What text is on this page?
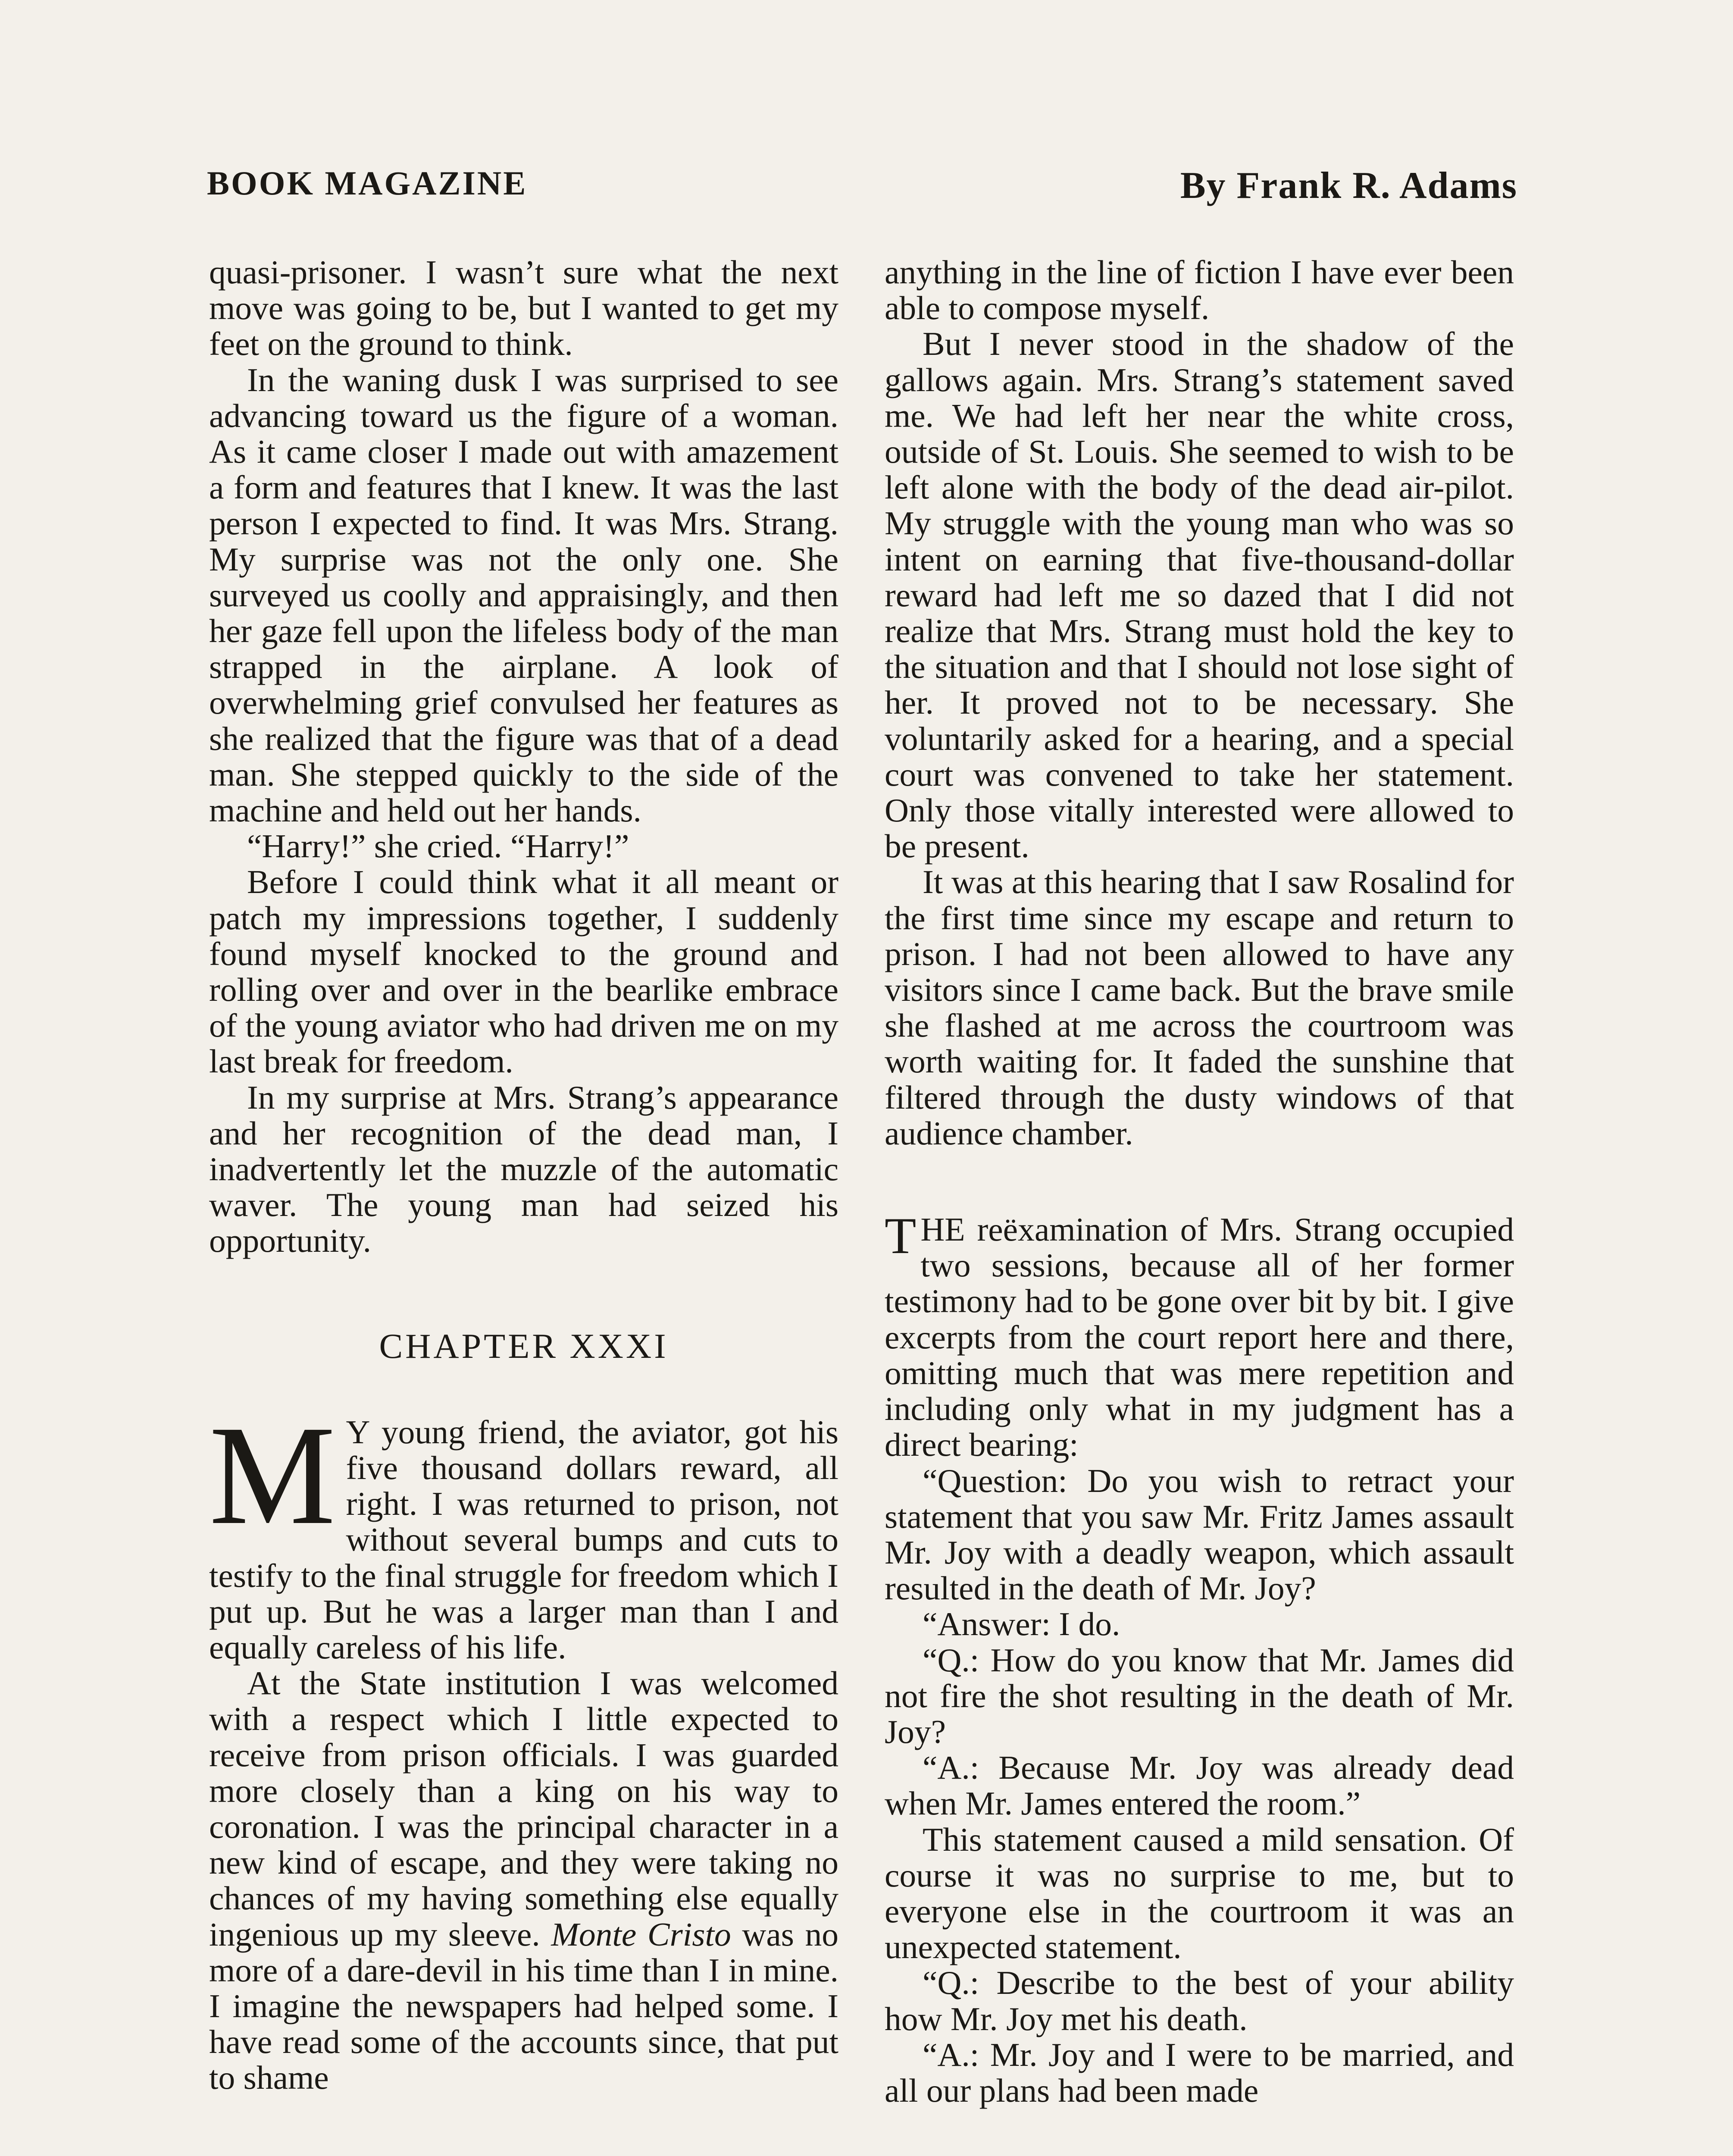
BOOK MAGAZINE	By Frank R. Adams

quasi-prisoner. I wasn’t sure what the next move was going to be, but I wanted to get my feet on the ground to think.

In the waning dusk I was surprised to see advancing toward us the figure of a woman. As it came closer I made out with amazement a form and features that I knew. It was the last person I expected to find. It was Mrs. Strang. My surprise was not the only one. She surveyed us coolly and appraisingly, and then her gaze fell upon the lifeless body of the man strapped in the airplane. A look of overwhelming grief convulsed her features as she realized that the figure was that of a dead man. She stepped quickly to the side of the machine and held out her hands.

“Harry!” she cried. “Harry!”

Before I could think what it all meant or patch my impressions together, I suddenly found myself knocked to the ground and rolling over and over in the bearlike embrace of the young aviator who had driven me on my last break for freedom.

In my surprise at Mrs. Strang’s appearance and her recognition of the dead man, I inadvertently let the muzzle of the automatic waver. The young man had seized his opportunity.

CHAPTER XXXI

M Y young friend, the aviator, got his five thousand dollars reward, all right. I was returned to prison, not without several bumps and cuts to testify to the final struggle for freedom which I put up. But he was a larger man than I and equally careless of his life.

At the State institution I was welcomed with a respect which I little expected to receive from prison officials. I was guarded more closely than a king on his way to coronation. I was the principal character in a new kind of escape, and they were taking no chances of my having something else equally ingenious up my sleeve. Monte Cristo was no more of a dare-devil in his time than I in mine. I imagine the newspapers had helped some. I have read some of the accounts since, that put to shame

anything in the line of fiction I have ever been able to compose myself.

But I never stood in the shadow of the gallows again. Mrs. Strang’s statement saved me. We had left her near the white cross, outside of St. Louis. She seemed to wish to be left alone with the body of the dead air-pilot. My struggle with the young man who was so intent on earning that five-thousand-dollar reward had left me so dazed that I did not realize that Mrs. Strang must hold the key to the situation and that I should not lose sight of her. It proved not to be necessary. She voluntarily asked for a hearing, and a special court was convened to take her statement. Only those vitally interested were allowed to be present.

It was at this hearing that I saw Rosalind for the first time since my escape and return to prison. I had not been allowed to have any visitors since I came back. But the brave smile she flashed at me across the courtroom was worth waiting for. It faded the sunshine that filtered through the dusty windows of that audience chamber.

THE reëxamination of Mrs. Strang occupied two sessions, because all of her former testimony had to be gone over bit by bit. I give excerpts from the court report here and there, omitting much that was mere repetition and including only what in my judgment has a direct bearing:

“Question: Do you wish to retract your statement that you saw Mr. Fritz James assault Mr. Joy with a deadly weapon, which assault resulted in the death of Mr. Joy?

“Answer: I do.

“Q.: How do you know that Mr. James did not fire the shot resulting in the death of Mr. Joy?

“A.: Because Mr. Joy was already dead when Mr. James entered the room.”

This statement caused a mild sensation. Of course it was no surprise to me, but to everyone else in the courtroom it was an unexpected statement.

“Q.: Describe to the best of your ability how Mr. Joy met his death.

“A.: Mr. Joy and I were to be married, and all our plans had been made
